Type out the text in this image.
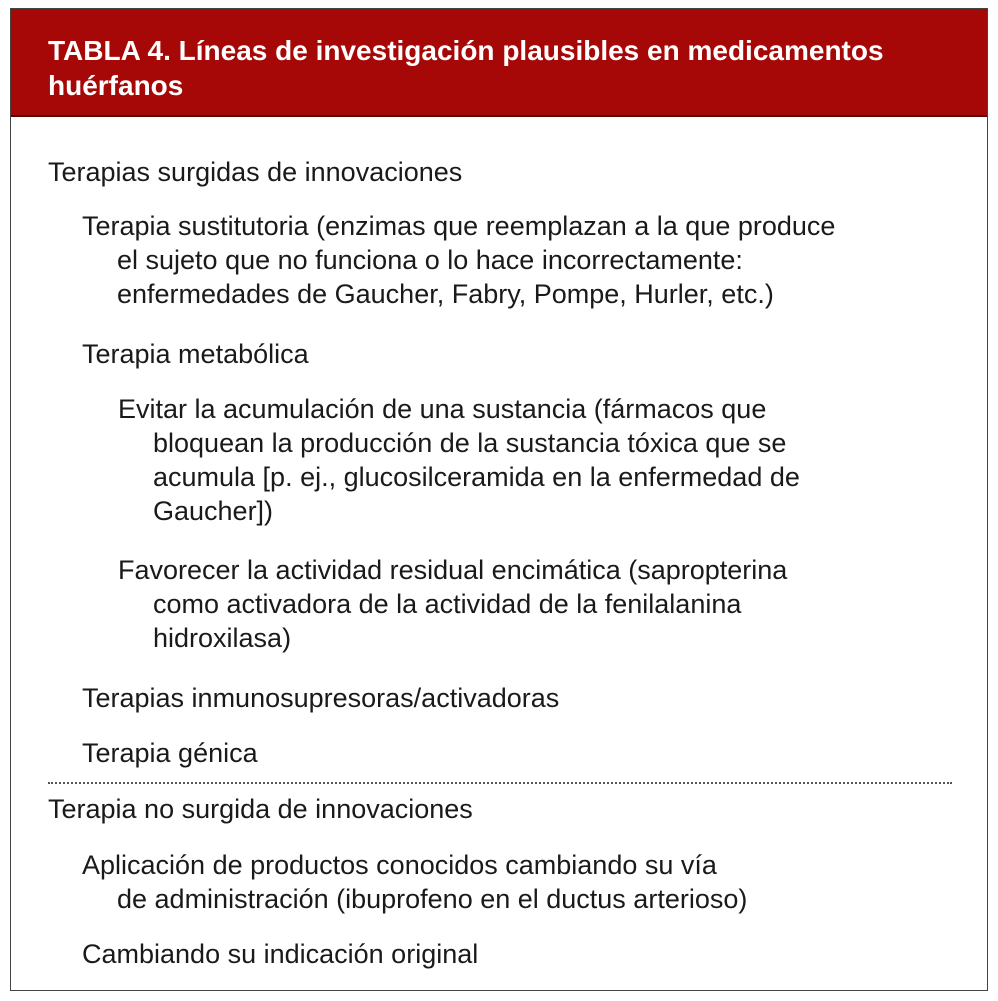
TABLA 4. Líneas de investigación plausibles en medicamentos
huérfanos
Terapias surgidas de innovaciones
Terapia sustitutoria (enzimas que reemplazan a la que produce
el sujeto que no funciona o lo hace incorrectamente:
enfermedades de Gaucher, Fabry, Pompe, Hurler, etc.)
Terapia metabólica
Evitar la acumulación de una sustancia (fármacos que
bloquean la producción de la sustancia tóxica que se
acumula [p. ej., glucosilceramida en la enfermedad de
Gaucher])
Favorecer la actividad residual encimática (sapropterina
como activadora de la actividad de la fenilalanina
hidroxilasa)
Terapias inmunosupresoras/activadoras
Terapia génica
Terapia no surgida de innovaciones
Aplicación de productos conocidos cambiando su vía
de administración (ibuprofeno en el ductus arterioso)
Cambiando su indicación original
